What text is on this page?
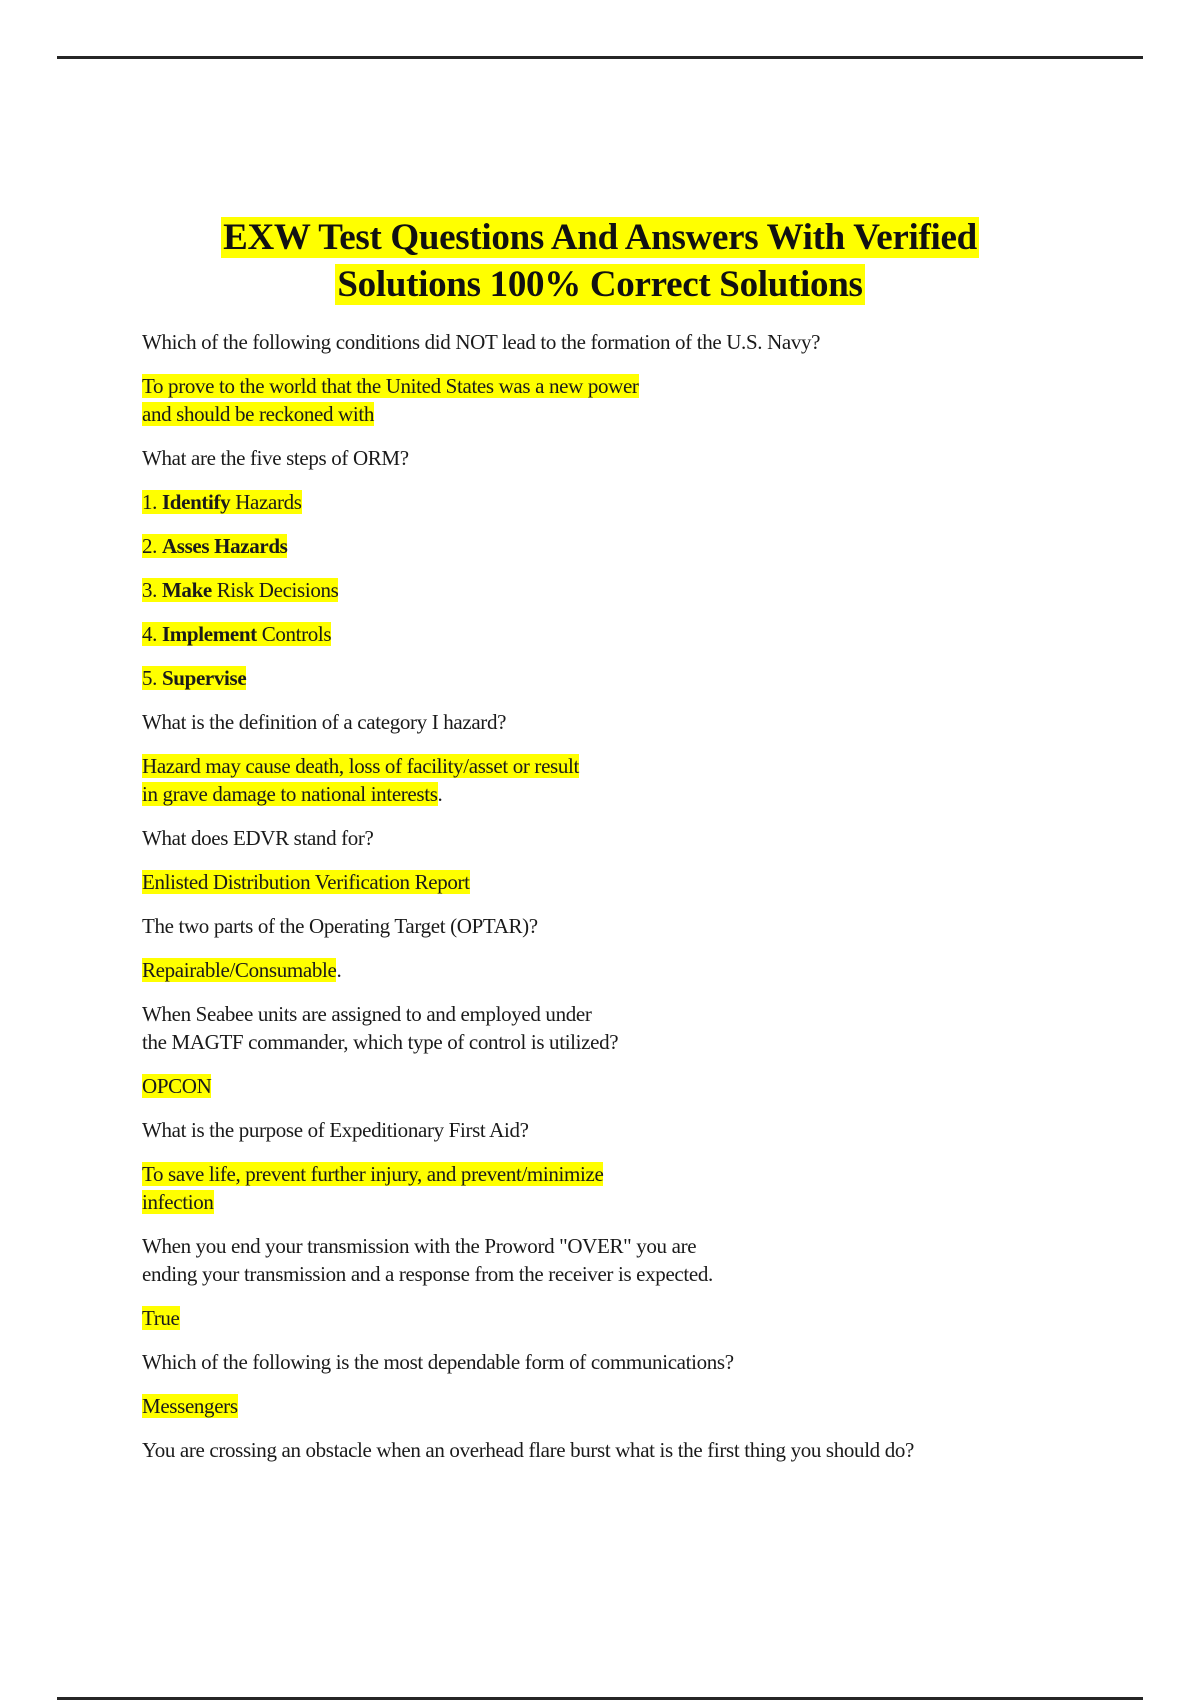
EXW Test Questions And Answers With Verified
Solutions 100% Correct Solutions
Which of the following conditions did NOT lead to the formation of the U.S. Navy?
To prove to the world that the United States was a new power
and should be reckoned with
What are the five steps of ORM?
1. Identify Hazards
2. Asses Hazards
3. Make Risk Decisions
4. Implement Controls
5. Supervise
What is the definition of a category I hazard?
Hazard may cause death, loss of facility/asset or result
in grave damage to national interests.
What does EDVR stand for?
Enlisted Distribution Verification Report
The two parts of the Operating Target (OPTAR)?
Repairable/Consumable.
When Seabee units are assigned to and employed under
the MAGTF commander, which type of control is utilized?
OPCON
What is the purpose of Expeditionary First Aid?
To save life, prevent further injury, and prevent/minimize
infection
When you end your transmission with the Proword "OVER" you are
ending your transmission and a response from the receiver is expected.
True
Which of the following is the most dependable form of communications?
Messengers
You are crossing an obstacle when an overhead flare burst what is the first thing you should do?
